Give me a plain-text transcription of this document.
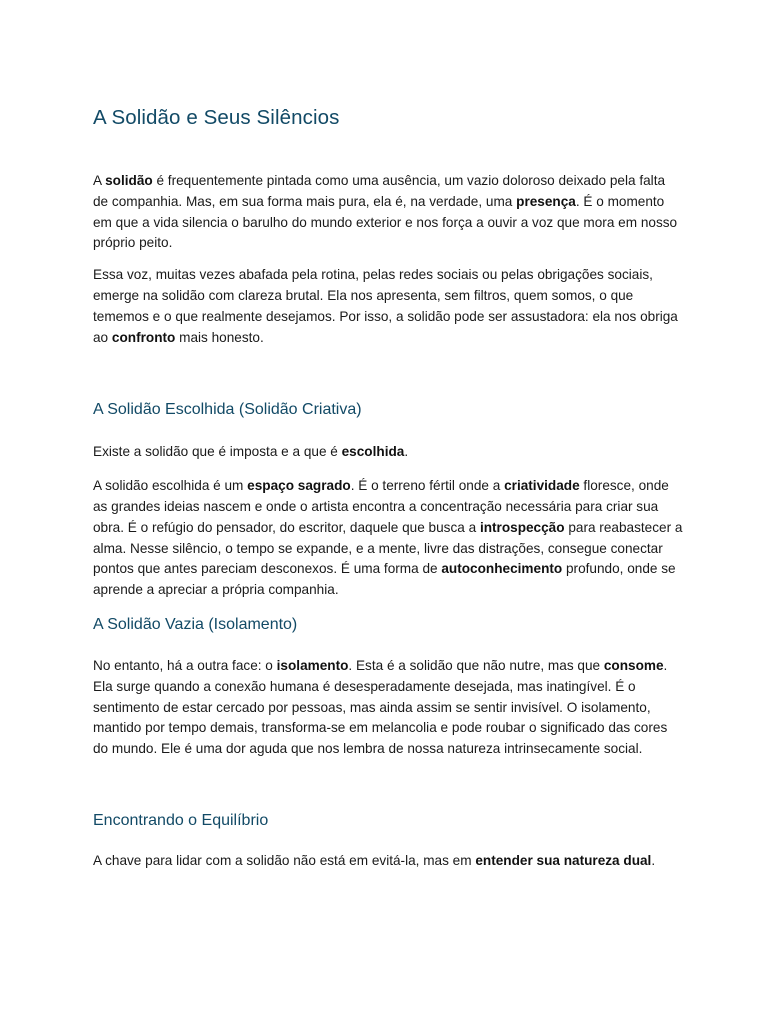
A Solidão e Seus Silêncios

A solidão é frequentemente pintada como uma ausência, um vazio doloroso deixado pela falta de companhia. Mas, em sua forma mais pura, ela é, na verdade, uma presença. É o momento em que a vida silencia o barulho do mundo exterior e nos força a ouvir a voz que mora em nosso próprio peito.

Essa voz, muitas vezes abafada pela rotina, pelas redes sociais ou pelas obrigações sociais, emerge na solidão com clareza brutal. Ela nos apresenta, sem filtros, quem somos, o que tememos e o que realmente desejamos. Por isso, a solidão pode ser assustadora: ela nos obriga ao confronto mais honesto.

A Solidão Escolhida (Solidão Criativa)

Existe a solidão que é imposta e a que é escolhida.

A solidão escolhida é um espaço sagrado. É o terreno fértil onde a criatividade floresce, onde as grandes ideias nascem e onde o artista encontra a concentração necessária para criar sua obra. É o refúgio do pensador, do escritor, daquele que busca a introspecção para reabastecer a alma. Nesse silêncio, o tempo se expande, e a mente, livre das distrações, consegue conectar pontos que antes pareciam desconexos. É uma forma de autoconhecimento profundo, onde se aprende a apreciar a própria companhia.

A Solidão Vazia (Isolamento)

No entanto, há a outra face: o isolamento. Esta é a solidão que não nutre, mas que consome. Ela surge quando a conexão humana é desesperadamente desejada, mas inatingível. É o sentimento de estar cercado por pessoas, mas ainda assim se sentir invisível. O isolamento, mantido por tempo demais, transforma-se em melancolia e pode roubar o significado das cores do mundo. Ele é uma dor aguda que nos lembra de nossa natureza intrinsecamente social.

Encontrando o Equilíbrio

A chave para lidar com a solidão não está em evitá-la, mas em entender sua natureza dual.
